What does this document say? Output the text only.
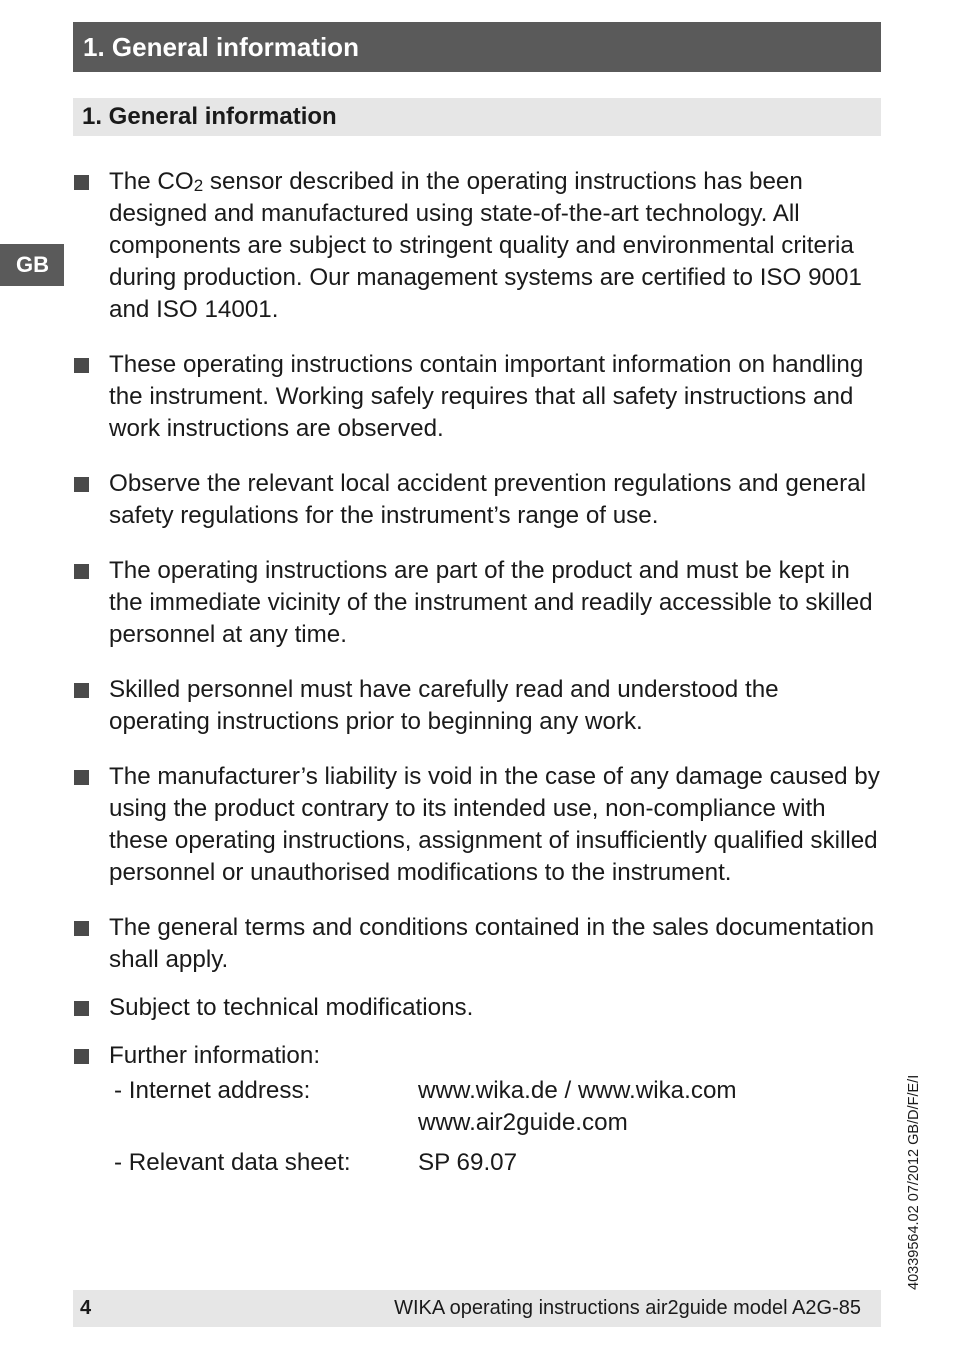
1. General information
1. General information
GB
The $CO_2$ sensor described in the operating instructions has been designed and manufactured using state-of-the-art technology. All components are subject to stringent quality and environmental criteria during production. Our management systems are certified to ISO 9001 and ISO 14001.
These operating instructions contain important information on handling the instrument. Working safely requires that all safety instructions and work instructions are observed.
Observe the relevant local accident prevention regulations and general safety regulations for the instrument’s range of use.
The operating instructions are part of the product and must be kept in the immediate vicinity of the instrument and readily accessible to skilled personnel at any time.
Skilled personnel must have carefully read and understood the operating instructions prior to beginning any work.
The manufacturer’s liability is void in the case of any damage caused by using the product contrary to its intended use, non-compliance with these operating instructions, assignment of insufficiently qualified skilled personnel or unauthorised modifications to the instrument.
The general terms and conditions contained in the sales documentation shall apply.
Subject to technical modifications.
Further information:
- Internet address:	www.wika.de / www.wika.com
www.air2guide.com
- Relevant data sheet:	SP 69.07	40339564.02 07/2012 GB/D/F/E/I
4	WIKA operating instructions air2guide model A2G-85
